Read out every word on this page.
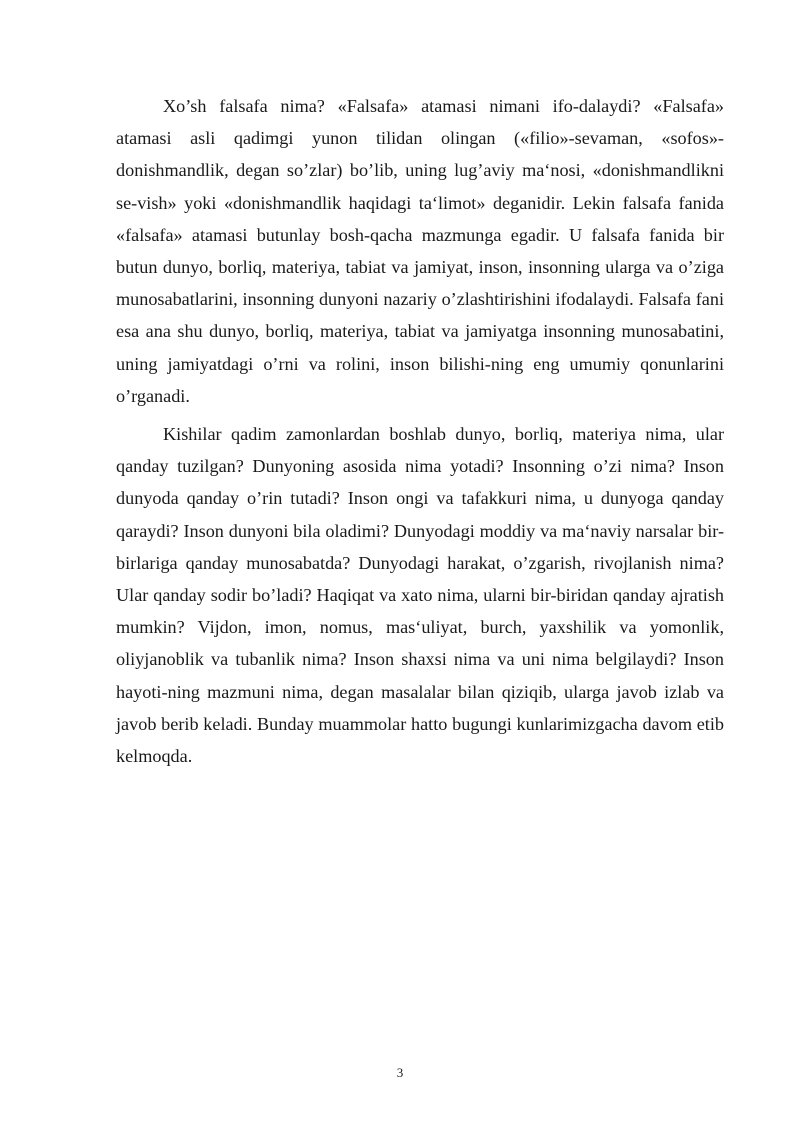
Xo’sh falsafa nima? «Falsafa» atamasi nimani ifo-dalaydi? «Falsafa» atamasi asli qadimgi yunon tilidan olingan («filio»-sevaman, «sofos»-donishmandlik, degan so’zlar) bo’lib, uning lug’aviy ma‘nosi, «donishmandlikni se-vish» yoki «donishmandlik haqidagi ta‘limot» deganidir. Lekin falsafa fanida «falsafa» atamasi butunlay bosh-qacha mazmunga egadir. U falsafa fanida bir butun dunyo, borliq, materiya, tabiat va jamiyat, inson, insonning ularga va o’ziga munosabatlarini, insonning dunyoni nazariy o’zlashtirishini ifodalaydi. Falsafa fani esa ana shu dunyo, borliq, materiya, tabiat va jamiyatga insonning munosabatini, uning jamiyatdagi o’rni va rolini, inson bilishi-ning eng umumiy qonunlarini o’rganadi.

Kishilar qadim zamonlardan boshlab dunyo, borliq, materiya nima, ular qanday tuzilgan? Dunyoning asosida nima yotadi? Insonning o’zi nima? Inson dunyoda qanday o’rin tutadi? Inson ongi va tafakkuri nima, u dunyoga qanday qaraydi? Inson dunyoni bila oladimi? Dunyodagi moddiy va ma‘naviy narsalar bir-birlariga qanday munosabatda? Dunyodagi harakat, o’zgarish, rivojlanish nima? Ular qanday sodir bo’ladi? Haqiqat va xato nima, ularni bir-biridan qanday ajratish mumkin? Vijdon, imon, nomus, mas‘uliyat, burch, yaxshilik va yomonlik, oliyjanoblik va tubanlik nima? Inson shaxsi nima va uni nima belgilaydi? Inson hayoti-ning mazmuni nima, degan masalalar bilan qiziqib, ularga javob izlab va javob berib keladi. Bunday muammolar hatto bugungi kunlarimizgacha davom etib kelmoqda.

3
